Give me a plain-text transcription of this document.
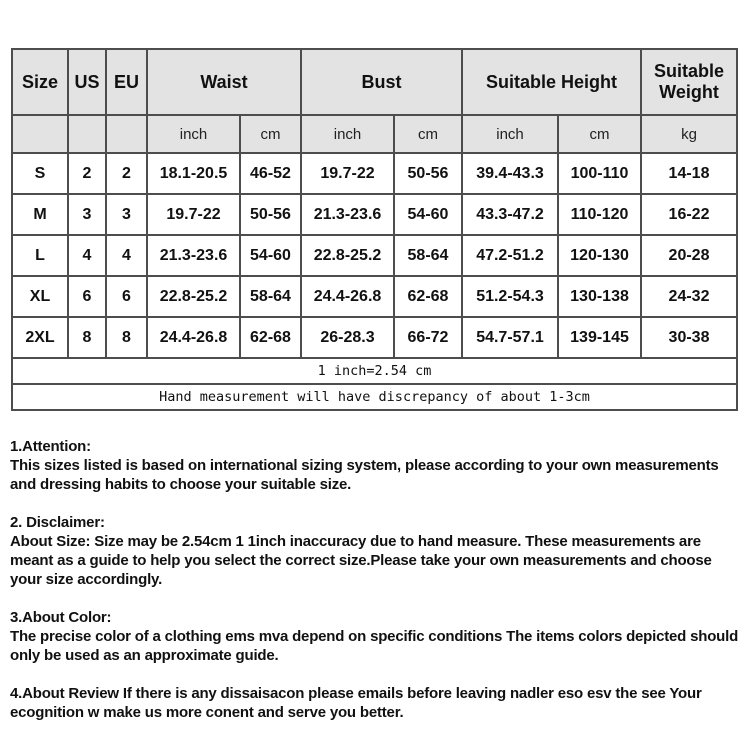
Size	US	EU	Waist		Bust		Suitable Height		Suitable Weight
			inch	cm	inch	cm	inch	cm	kg
S	2	2	18.1-20.5	46-52	19.7-22	50-56	39.4-43.3	100-110	14-18
M	3	3	19.7-22	50-56	21.3-23.6	54-60	43.3-47.2	110-120	16-22
L	4	4	21.3-23.6	54-60	22.8-25.2	58-64	47.2-51.2	120-130	20-28
XL	6	6	22.8-25.2	58-64	24.4-26.8	62-68	51.2-54.3	130-138	24-32
2XL	8	8	24.4-26.8	62-68	26-28.3	66-72	54.7-57.1	139-145	30-38
1 inch=2.54 cm									
Hand measurement will have discrepancy of about 1-3cm									

1.Attention:

This sizes listed is based on international sizing system, please according to your own measurements and dressing habits to choose your suitable size.

2. Disclaimer:

About Size: Size may be 2.54cm 1 1inch inaccuracy due to hand measure. These measurements are meant as a guide to help you select the correct size.Please take your own measurements and choose your size accordingly.

3.About Color:

The precise color of a clothing ems mva depend on specific conditions The items colors depicted should only be used as an approximate guide.

4.About Review If there is any dissaisacon please emails before leaving nadler eso esv the see Your ecognition w make us more conent and serve you better.
